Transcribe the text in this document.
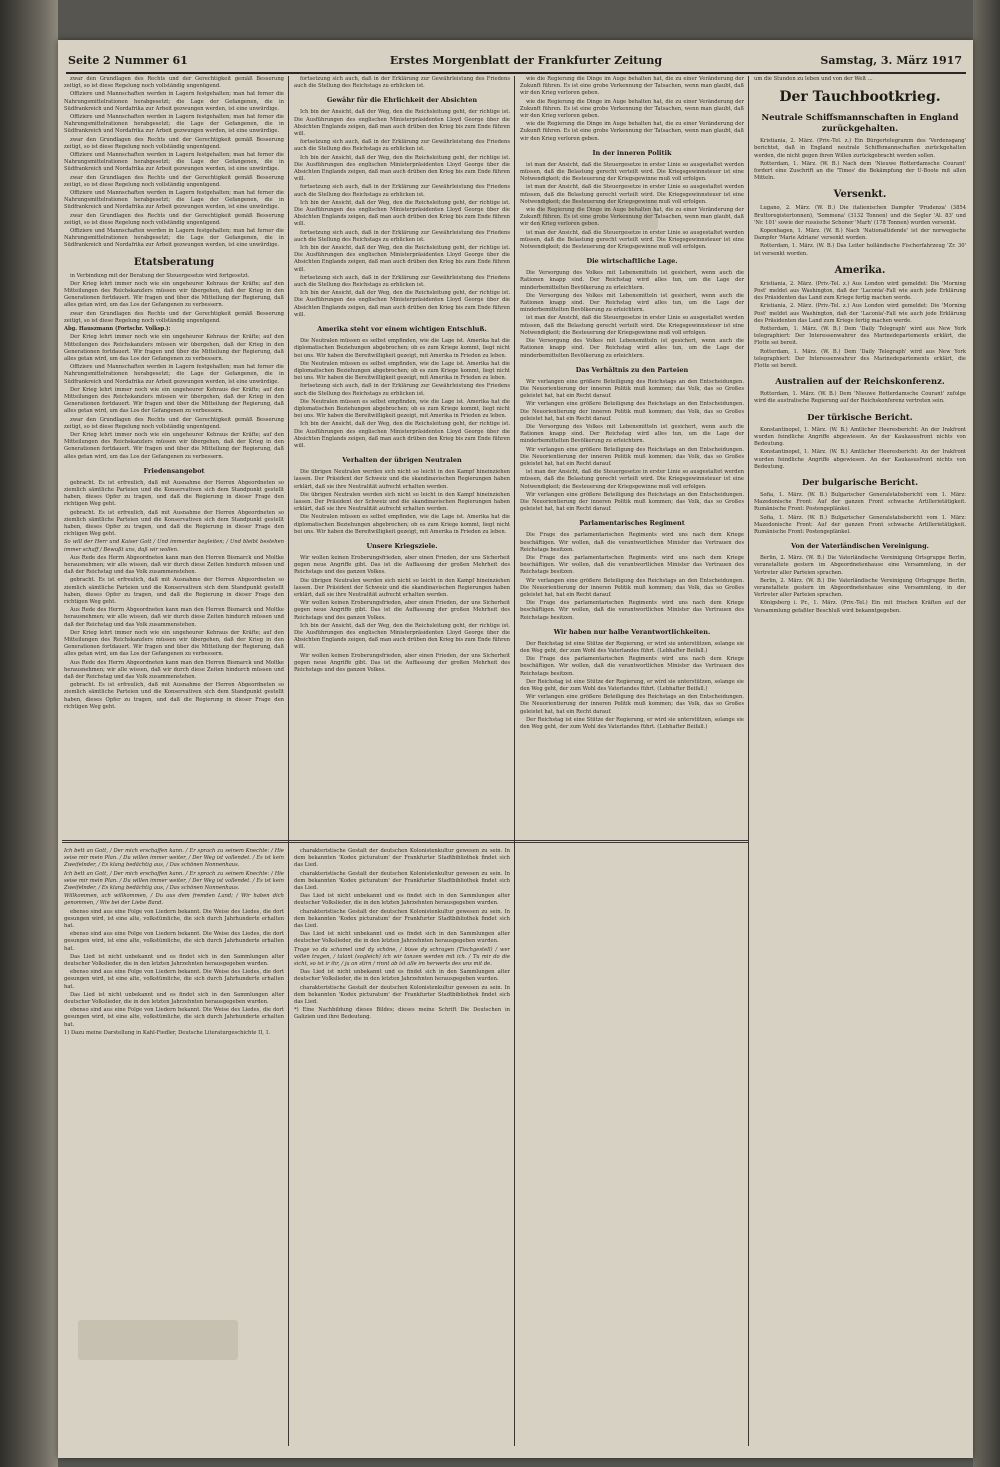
Seite 2 Nummer 61	Erstes Morgenblatt der Frankfurter Zeitung	Samstag, 3. März 1917

zwar den Grundlagen des Rechts und der Gerechtigkeit gemäß Besserung zeitigt, so ist diese Regelung noch vollständig ungenügend.

Offiziere und Mannschaften werden in Lagern festgehalten; man hat ferner die Nahrungsmittelrationen herabgesetzt; die Lage der Gefangenen, die in Südfrankreich und Nordafrika zur Arbeit gezwungen werden, ist eine unwürdige.

Offiziere und Mannschaften werden in Lagern festgehalten; man hat ferner die Nahrungsmittelrationen herabgesetzt; die Lage der Gefangenen, die in Südfrankreich und Nordafrika zur Arbeit gezwungen werden, ist eine unwürdige.

zwar den Grundlagen des Rechts und der Gerechtigkeit gemäß Besserung zeitigt, so ist diese Regelung noch vollständig ungenügend.

Offiziere und Mannschaften werden in Lagern festgehalten; man hat ferner die Nahrungsmittelrationen herabgesetzt; die Lage der Gefangenen, die in Südfrankreich und Nordafrika zur Arbeit gezwungen werden, ist eine unwürdige.

zwar den Grundlagen des Rechts und der Gerechtigkeit gemäß Besserung zeitigt, so ist diese Regelung noch vollständig ungenügend.

Offiziere und Mannschaften werden in Lagern festgehalten; man hat ferner die Nahrungsmittelrationen herabgesetzt; die Lage der Gefangenen, die in Südfrankreich und Nordafrika zur Arbeit gezwungen werden, ist eine unwürdige.

zwar den Grundlagen des Rechts und der Gerechtigkeit gemäß Besserung zeitigt, so ist diese Regelung noch vollständig ungenügend.

Offiziere und Mannschaften werden in Lagern festgehalten; man hat ferner die Nahrungsmittelrationen herabgesetzt; die Lage der Gefangenen, die in Südfrankreich und Nordafrika zur Arbeit gezwungen werden, ist eine unwürdige.

Etatsberatung

in Verbindung mit der Beratung der Steuergesetze wird fortgesetzt.

Der Krieg lehrt immer noch wie ein ungeheurer Kehraus der Kräfte; auf den Mitteilungen des Reichskanzlers müssen wir übergehen, daß der Krieg in den Generationen fortdauert. Wir fragen und über die Mitteilung der Regierung, daß alles getan wird, um das Los der Gefangenen zu verbessern.

zwar den Grundlagen des Rechts und der Gerechtigkeit gemäß Besserung zeitigt, so ist diese Regelung noch vollständig ungenügend.

Abg. Hauszmann (Fortschr. Volksp.):

Der Krieg lehrt immer noch wie ein ungeheurer Kehraus der Kräfte; auf den Mitteilungen des Reichskanzlers müssen wir übergehen, daß der Krieg in den Generationen fortdauert. Wir fragen und über die Mitteilung der Regierung, daß alles getan wird, um das Los der Gefangenen zu verbessern.

Offiziere und Mannschaften werden in Lagern festgehalten; man hat ferner die Nahrungsmittelrationen herabgesetzt; die Lage der Gefangenen, die in Südfrankreich und Nordafrika zur Arbeit gezwungen werden, ist eine unwürdige.

Der Krieg lehrt immer noch wie ein ungeheurer Kehraus der Kräfte; auf den Mitteilungen des Reichskanzlers müssen wir übergehen, daß der Krieg in den Generationen fortdauert. Wir fragen und über die Mitteilung der Regierung, daß alles getan wird, um das Los der Gefangenen zu verbessern.

zwar den Grundlagen des Rechts und der Gerechtigkeit gemäß Besserung zeitigt, so ist diese Regelung noch vollständig ungenügend.

Der Krieg lehrt immer noch wie ein ungeheurer Kehraus der Kräfte; auf den Mitteilungen des Reichskanzlers müssen wir übergehen, daß der Krieg in den Generationen fortdauert. Wir fragen und über die Mitteilung der Regierung, daß alles getan wird, um das Los der Gefangenen zu verbessern.

Friedensangebot

gebracht. Es ist erfreulich, daß mit Ausnahme der Herren Abgeordneten so ziemlich sämtliche Parteien und die Konservativen sich dem Standpunkt gestellt haben, dieses Opfer zu tragen, und daß die Regierung in dieser Frage den richtigen Weg geht.

gebracht. Es ist erfreulich, daß mit Ausnahme der Herren Abgeordneten so ziemlich sämtliche Parteien und die Konservativen sich dem Standpunkt gestellt haben, dieses Opfer zu tragen, und daß die Regierung in dieser Frage den richtigen Weg geht.

So will der Herr und Kaiser Gott / Und immerdar begleiten; / Und bleibt bestehen immer schaff / Bewußt uns, daß wir wollen.

Aus Rede des Herrn Abgeordneten kann man den Herren Bismarck und Moltke herausnehmen; wir alle wissen, daß wir durch diese Zeiten hindurch müssen und daß der Reichstag und das Volk zusammenstehen.

gebracht. Es ist erfreulich, daß mit Ausnahme der Herren Abgeordneten so ziemlich sämtliche Parteien und die Konservativen sich dem Standpunkt gestellt haben, dieses Opfer zu tragen, und daß die Regierung in dieser Frage den richtigen Weg geht.

Aus Rede des Herrn Abgeordneten kann man den Herren Bismarck und Moltke herausnehmen; wir alle wissen, daß wir durch diese Zeiten hindurch müssen und daß der Reichstag und das Volk zusammenstehen.

Der Krieg lehrt immer noch wie ein ungeheurer Kehraus der Kräfte; auf den Mitteilungen des Reichskanzlers müssen wir übergehen, daß der Krieg in den Generationen fortdauert. Wir fragen und über die Mitteilung der Regierung, daß alles getan wird, um das Los der Gefangenen zu verbessern.

Aus Rede des Herrn Abgeordneten kann man den Herren Bismarck und Moltke herausnehmen; wir alle wissen, daß wir durch diese Zeiten hindurch müssen und daß der Reichstag und das Volk zusammenstehen.

gebracht. Es ist erfreulich, daß mit Ausnahme der Herren Abgeordneten so ziemlich sämtliche Parteien und die Konservativen sich dem Standpunkt gestellt haben, dieses Opfer zu tragen, und daß die Regierung in dieser Frage den richtigen Weg geht.

fortsetzung sich auch, daß in der Erklärung zur Gewährleistung des Friedens auch die Stellung des Reichstags zu erblicken ist.

Gewähr für die Ehrlichkeit der Absichten

Ich bin der Ansicht, daß der Weg, den die Reichsleitung geht, der richtige ist. Die Ausführungen des englischen Ministerpräsidenten Lloyd George über die Absichten Englands zeigen, daß man auch drüben den Krieg bis zum Ende führen will.

fortsetzung sich auch, daß in der Erklärung zur Gewährleistung des Friedens auch die Stellung des Reichstags zu erblicken ist.

Ich bin der Ansicht, daß der Weg, den die Reichsleitung geht, der richtige ist. Die Ausführungen des englischen Ministerpräsidenten Lloyd George über die Absichten Englands zeigen, daß man auch drüben den Krieg bis zum Ende führen will.

fortsetzung sich auch, daß in der Erklärung zur Gewährleistung des Friedens auch die Stellung des Reichstags zu erblicken ist.

Ich bin der Ansicht, daß der Weg, den die Reichsleitung geht, der richtige ist. Die Ausführungen des englischen Ministerpräsidenten Lloyd George über die Absichten Englands zeigen, daß man auch drüben den Krieg bis zum Ende führen will.

fortsetzung sich auch, daß in der Erklärung zur Gewährleistung des Friedens auch die Stellung des Reichstags zu erblicken ist.

Ich bin der Ansicht, daß der Weg, den die Reichsleitung geht, der richtige ist. Die Ausführungen des englischen Ministerpräsidenten Lloyd George über die Absichten Englands zeigen, daß man auch drüben den Krieg bis zum Ende führen will.

fortsetzung sich auch, daß in der Erklärung zur Gewährleistung des Friedens auch die Stellung des Reichstags zu erblicken ist.

Ich bin der Ansicht, daß der Weg, den die Reichsleitung geht, der richtige ist. Die Ausführungen des englischen Ministerpräsidenten Lloyd George über die Absichten Englands zeigen, daß man auch drüben den Krieg bis zum Ende führen will.

Amerika steht vor einem wichtigen Entschluß.

Die Neutralen müssen es selbst empfinden, wie die Lage ist. Amerika hat die diplomatischen Beziehungen abgebrochen; ob es zum Kriege kommt, liegt nicht bei uns. Wir haben die Bereitwilligkeit gezeigt, mit Amerika in Frieden zu leben.

Die Neutralen müssen es selbst empfinden, wie die Lage ist. Amerika hat die diplomatischen Beziehungen abgebrochen; ob es zum Kriege kommt, liegt nicht bei uns. Wir haben die Bereitwilligkeit gezeigt, mit Amerika in Frieden zu leben.

fortsetzung sich auch, daß in der Erklärung zur Gewährleistung des Friedens auch die Stellung des Reichstags zu erblicken ist.

Die Neutralen müssen es selbst empfinden, wie die Lage ist. Amerika hat die diplomatischen Beziehungen abgebrochen; ob es zum Kriege kommt, liegt nicht bei uns. Wir haben die Bereitwilligkeit gezeigt, mit Amerika in Frieden zu leben.

Ich bin der Ansicht, daß der Weg, den die Reichsleitung geht, der richtige ist. Die Ausführungen des englischen Ministerpräsidenten Lloyd George über die Absichten Englands zeigen, daß man auch drüben den Krieg bis zum Ende führen will.

Verhalten der übrigen Neutralen

Die übrigen Neutralen werden sich nicht so leicht in den Kampf hineinziehen lassen. Der Präsident der Schweiz und die skandinavischen Regierungen haben erklärt, daß sie ihre Neutralität aufrecht erhalten werden.

Die übrigen Neutralen werden sich nicht so leicht in den Kampf hineinziehen lassen. Der Präsident der Schweiz und die skandinavischen Regierungen haben erklärt, daß sie ihre Neutralität aufrecht erhalten werden.

Die Neutralen müssen es selbst empfinden, wie die Lage ist. Amerika hat die diplomatischen Beziehungen abgebrochen; ob es zum Kriege kommt, liegt nicht bei uns. Wir haben die Bereitwilligkeit gezeigt, mit Amerika in Frieden zu leben.

Unsere Kriegsziele.

Wir wollen keinen Eroberungsfrieden, aber einen Frieden, der uns Sicherheit gegen neue Angriffe gibt. Das ist die Auffassung der großen Mehrheit des Reichstags und des ganzen Volkes.

Die übrigen Neutralen werden sich nicht so leicht in den Kampf hineinziehen lassen. Der Präsident der Schweiz und die skandinavischen Regierungen haben erklärt, daß sie ihre Neutralität aufrecht erhalten werden.

Wir wollen keinen Eroberungsfrieden, aber einen Frieden, der uns Sicherheit gegen neue Angriffe gibt. Das ist die Auffassung der großen Mehrheit des Reichstags und des ganzen Volkes.

Ich bin der Ansicht, daß der Weg, den die Reichsleitung geht, der richtige ist. Die Ausführungen des englischen Ministerpräsidenten Lloyd George über die Absichten Englands zeigen, daß man auch drüben den Krieg bis zum Ende führen will.

Wir wollen keinen Eroberungsfrieden, aber einen Frieden, der uns Sicherheit gegen neue Angriffe gibt. Das ist die Auffassung der großen Mehrheit des Reichstags und des ganzen Volkes.

wie die Regierung die Dinge im Auge behalten hat, die zu einer Veränderung der Zukunft führen. Es ist eine grobe Verkennung der Tatsachen, wenn man glaubt, daß wir den Krieg verloren geben.

wie die Regierung die Dinge im Auge behalten hat, die zu einer Veränderung der Zukunft führen. Es ist eine grobe Verkennung der Tatsachen, wenn man glaubt, daß wir den Krieg verloren geben.

wie die Regierung die Dinge im Auge behalten hat, die zu einer Veränderung der Zukunft führen. Es ist eine grobe Verkennung der Tatsachen, wenn man glaubt, daß wir den Krieg verloren geben.

In der inneren Politik

ist man der Ansicht, daß die Steuergesetze in erster Linie so ausgestaltet werden müssen, daß die Belastung gerecht verteilt wird. Die Kriegsgewinnsteuer ist eine Notwendigkeit; die Besteuerung der Kriegsgewinne muß voll erfolgen.

ist man der Ansicht, daß die Steuergesetze in erster Linie so ausgestaltet werden müssen, daß die Belastung gerecht verteilt wird. Die Kriegsgewinnsteuer ist eine Notwendigkeit; die Besteuerung der Kriegsgewinne muß voll erfolgen.

wie die Regierung die Dinge im Auge behalten hat, die zu einer Veränderung der Zukunft führen. Es ist eine grobe Verkennung der Tatsachen, wenn man glaubt, daß wir den Krieg verloren geben.

ist man der Ansicht, daß die Steuergesetze in erster Linie so ausgestaltet werden müssen, daß die Belastung gerecht verteilt wird. Die Kriegsgewinnsteuer ist eine Notwendigkeit; die Besteuerung der Kriegsgewinne muß voll erfolgen.

Die wirtschaftliche Lage.

Die Versorgung des Volkes mit Lebensmitteln ist gesichert, wenn auch die Rationen knapp sind. Der Reichstag wird alles tun, um die Lage der minderbemittelten Bevölkerung zu erleichtern.

Die Versorgung des Volkes mit Lebensmitteln ist gesichert, wenn auch die Rationen knapp sind. Der Reichstag wird alles tun, um die Lage der minderbemittelten Bevölkerung zu erleichtern.

ist man der Ansicht, daß die Steuergesetze in erster Linie so ausgestaltet werden müssen, daß die Belastung gerecht verteilt wird. Die Kriegsgewinnsteuer ist eine Notwendigkeit; die Besteuerung der Kriegsgewinne muß voll erfolgen.

Die Versorgung des Volkes mit Lebensmitteln ist gesichert, wenn auch die Rationen knapp sind. Der Reichstag wird alles tun, um die Lage der minderbemittelten Bevölkerung zu erleichtern.

Das Verhältnis zu den Parteien

Wir verlangen eine größere Beteiligung des Reichstags an den Entscheidungen. Die Neuorientierung der inneren Politik muß kommen; das Volk, das so Großes geleistet hat, hat ein Recht darauf.

Wir verlangen eine größere Beteiligung des Reichstags an den Entscheidungen. Die Neuorientierung der inneren Politik muß kommen; das Volk, das so Großes geleistet hat, hat ein Recht darauf.

Die Versorgung des Volkes mit Lebensmitteln ist gesichert, wenn auch die Rationen knapp sind. Der Reichstag wird alles tun, um die Lage der minderbemittelten Bevölkerung zu erleichtern.

Wir verlangen eine größere Beteiligung des Reichstags an den Entscheidungen. Die Neuorientierung der inneren Politik muß kommen; das Volk, das so Großes geleistet hat, hat ein Recht darauf.

ist man der Ansicht, daß die Steuergesetze in erster Linie so ausgestaltet werden müssen, daß die Belastung gerecht verteilt wird. Die Kriegsgewinnsteuer ist eine Notwendigkeit; die Besteuerung der Kriegsgewinne muß voll erfolgen.

Wir verlangen eine größere Beteiligung des Reichstags an den Entscheidungen. Die Neuorientierung der inneren Politik muß kommen; das Volk, das so Großes geleistet hat, hat ein Recht darauf.

Parlamentarisches Regiment

Die Frage des parlamentarischen Regiments wird uns nach dem Kriege beschäftigen. Wir wollen, daß die verantwortlichen Minister das Vertrauen des Reichstags besitzen.

Die Frage des parlamentarischen Regiments wird uns nach dem Kriege beschäftigen. Wir wollen, daß die verantwortlichen Minister das Vertrauen des Reichstags besitzen.

Wir verlangen eine größere Beteiligung des Reichstags an den Entscheidungen. Die Neuorientierung der inneren Politik muß kommen; das Volk, das so Großes geleistet hat, hat ein Recht darauf.

Die Frage des parlamentarischen Regiments wird uns nach dem Kriege beschäftigen. Wir wollen, daß die verantwortlichen Minister das Vertrauen des Reichstags besitzen.

Wir haben nur halbe Verantwortlichkeiten.

Der Reichstag ist eine Stütze der Regierung, er wird sie unterstützen, solange sie den Weg geht, der zum Wohl des Vaterlandes führt. (Lebhafter Beifall.)

Die Frage des parlamentarischen Regiments wird uns nach dem Kriege beschäftigen. Wir wollen, daß die verantwortlichen Minister das Vertrauen des Reichstags besitzen.

Der Reichstag ist eine Stütze der Regierung, er wird sie unterstützen, solange sie den Weg geht, der zum Wohl des Vaterlandes führt. (Lebhafter Beifall.)

Wir verlangen eine größere Beteiligung des Reichstags an den Entscheidungen. Die Neuorientierung der inneren Politik muß kommen; das Volk, das so Großes geleistet hat, hat ein Recht darauf.

Der Reichstag ist eine Stütze der Regierung, er wird sie unterstützen, solange sie den Weg geht, der zum Wohl des Vaterlandes führt. (Lebhafter Beifall.)

um die Stunden zu leben und von der Welt ...

Der Tauchbootkrieg.
Neutrale Schiffsmannschaften in England zurückgehalten.

Kristiania, 2. März. (Priv.-Tel. z.) Ein Bürgertelegramm des 'Verdensgang' berichtet, daß in England neutrale Schiffsmannschaften zurückgehalten werden, die nicht gegen ihren Willen zurückgebracht werden sollen.

Rotterdam, 1. März. (W. B.) Nach dem 'Nieuwe Rotterdamsche Courant' fordert eine Zuschrift an die 'Times' die Bekämpfung der U-Boote mit allen Mitteln.

Versenkt.

Lugano, 2. März. (W. B.) Die italienischen Dampfer 'Prudenza' (3854 Bruttoregistertonnen), 'Sommena' (3132 Tonnen) und die Segler 'Al. 83' und 'Nr. 101' sowie der russische Schoner 'Marh' (178 Tonnen) wurden versenkt.

Kopenhagen, 1. März. (W. B.) Nach 'Nationaltidende' ist der norwegische Dampfer 'Marie Adriane' versenkt worden.

Rotterdam, 1. März. (W. B.) Das Leiter holländische Fischerfahrzeug 'Zr. 30' ist versenkt worden.

Amerika.

Kristiania, 2. März. (Priv.-Tel. z.) Aus London wird gemeldet: Die 'Morning Post' meldet aus Washington, daß der 'Laconia'-Fall wie auch jede Erklärung des Präsidenten das Land zum Kriege fertig machen werde.

Kristiania, 2. März. (Priv.-Tel. z.) Aus London wird gemeldet: Die 'Morning Post' meldet aus Washington, daß der 'Laconia'-Fall wie auch jede Erklärung des Präsidenten das Land zum Kriege fertig machen werde.

Rotterdam, 1. März. (W. B.) Dem 'Daily Telegraph' wird aus New York telegraphiert: Der Interessenwahrer des Marinedepartements erklärt, die Flotte sei bereit.

Rotterdam, 1. März. (W. B.) Dem 'Daily Telegraph' wird aus New York telegraphiert: Der Interessenwahrer des Marinedepartements erklärt, die Flotte sei bereit.

Australien auf der Reichskonferenz.

Rotterdam, 1. März. (W. B.) Dem 'Nieuwe Rotterdamsche Courant' zufolge wird die australische Regierung auf der Reichskonferenz vertreten sein.

Der türkische Bericht.

Konstantinopel, 1. März. (W. B.) Amtlicher Heeresbericht: An der Irakfront wurden feindliche Angriffe abgewiesen. An der Kaukasusfront nichts von Bedeutung.

Konstantinopel, 1. März. (W. B.) Amtlicher Heeresbericht: An der Irakfront wurden feindliche Angriffe abgewiesen. An der Kaukasusfront nichts von Bedeutung.

Der bulgarische Bericht.

Sofia, 1. März. (W. B.) Bulgarischer Generalstabsbericht vom 1. März: Mazedonische Front: Auf der ganzen Front schwache Artillerietätigkeit. Rumänische Front: Postengeplänkel.

Sofia, 1. März. (W. B.) Bulgarischer Generalstabsbericht vom 1. März: Mazedonische Front: Auf der ganzen Front schwache Artillerietätigkeit. Rumänische Front: Postengeplänkel.

Von der Vaterländischen Vereinigung.

Berlin, 2. März. (W. B.) Die Vaterländische Vereinigung Ortsgruppe Berlin, veranstaltete gestern im Abgeordnetenhause eine Versammlung, in der Vertreter aller Parteien sprachen.

Berlin, 2. März. (W. B.) Die Vaterländische Vereinigung Ortsgruppe Berlin, veranstaltete gestern im Abgeordnetenhause eine Versammlung, in der Vertreter aller Parteien sprachen.

Königsberg i. Pr., 1. März. (Priv.-Tel.) Ein mit frischen Kräften auf der Versammlung gefaßter Beschluß wird bekanntgegeben.

Ich bett an Gott, / Der mich erschaffen kann. / Er sprach zu seinem Knechte: / Hie seise mir mein Plan. / Du willen immer weiter, / Der Weg ist vollendet. / Es ist kein Zweifelnder, / Es klang bedächtig aus, / Das schönen Nonnenhaus.

Ich bett an Gott, / Der mich erschaffen kann. / Er sprach zu seinem Knechte: / Hie seise mir mein Plan. / Du willen immer weiter, / Der Weg ist vollendet. / Es ist kein Zweifelnder, / Es klang bedächtig aus, / Das schönen Nonnenhaus.

Willkommen, ach willkommen, / Du aus dem fremden Land; / Wir haben dich genommen, / Wie bei der Liebe Band.

ebenso sind aus eine Folge von Liedern bekannt. Die Weise des Liedes, die dort gesungen wird, ist eine alte, volkstümliche, die sich durch Jahrhunderte erhalten hat.

ebenso sind aus eine Folge von Liedern bekannt. Die Weise des Liedes, die dort gesungen wird, ist eine alte, volkstümliche, die sich durch Jahrhunderte erhalten hat.

Das Lied ist nicht unbekannt und es findet sich in den Sammlungen alter deutscher Volkslieder, die in den letzten Jahrzehnten herausgegeben wurden.

ebenso sind aus eine Folge von Liedern bekannt. Die Weise des Liedes, die dort gesungen wird, ist eine alte, volkstümliche, die sich durch Jahrhunderte erhalten hat.

Das Lied ist nicht unbekannt und es findet sich in den Sammlungen alter deutscher Volkslieder, die in den letzten Jahrzehnten herausgegeben wurden.

ebenso sind aus eine Folge von Liedern bekannt. Die Weise des Liedes, die dort gesungen wird, ist eine alte, volkstümliche, die sich durch Jahrhunderte erhalten hat.

1) Dazu meine Darstellung in Kahl-Fiedler, Deutsche Literaturgeschichte II, 1.

charakteristische Gestalt der deutschen Kolonistenkultur gewesen zu sein. In dem bekannten 'Kodex picturatum' der Frankfurter Stadtbibliothek findet sich das Lied.

charakteristische Gestalt der deutschen Kolonistenkultur gewesen zu sein. In dem bekannten 'Kodex picturatum' der Frankfurter Stadtbibliothek findet sich das Lied.

Das Lied ist nicht unbekannt und es findet sich in den Sammlungen alter deutscher Volkslieder, die in den letzten Jahrzehnten herausgegeben wurden.

charakteristische Gestalt der deutschen Kolonistenkultur gewesen zu sein. In dem bekannten 'Kodex picturatum' der Frankfurter Stadtbibliothek findet sich das Lied.

Das Lied ist nicht unbekannt und es findet sich in den Sammlungen alter deutscher Volkslieder, die in den letzten Jahrzehnten herausgegeben wurden.

Trage vo da schamel und dy schöne, / bisse dy schragen (Tischgestell) / wer vollen tragen, / talant (sogleich) ich wir tanzen werden mit ich. / Tu mir do die sicht, so ist ir ihr, / ja an stirn / rinnt ab ist alle im herwerts des uns mit de.

Das Lied ist nicht unbekannt und es findet sich in den Sammlungen alter deutscher Volkslieder, die in den letzten Jahrzehnten herausgegeben wurden.

charakteristische Gestalt der deutschen Kolonistenkultur gewesen zu sein. In dem bekannten 'Kodex picturatum' der Frankfurter Stadtbibliothek findet sich das Lied.

*) Eine Nachbildung dieses Bildes; dieses meine Schrift Die Deutschen in Galizien und ihre Bedeutung.
